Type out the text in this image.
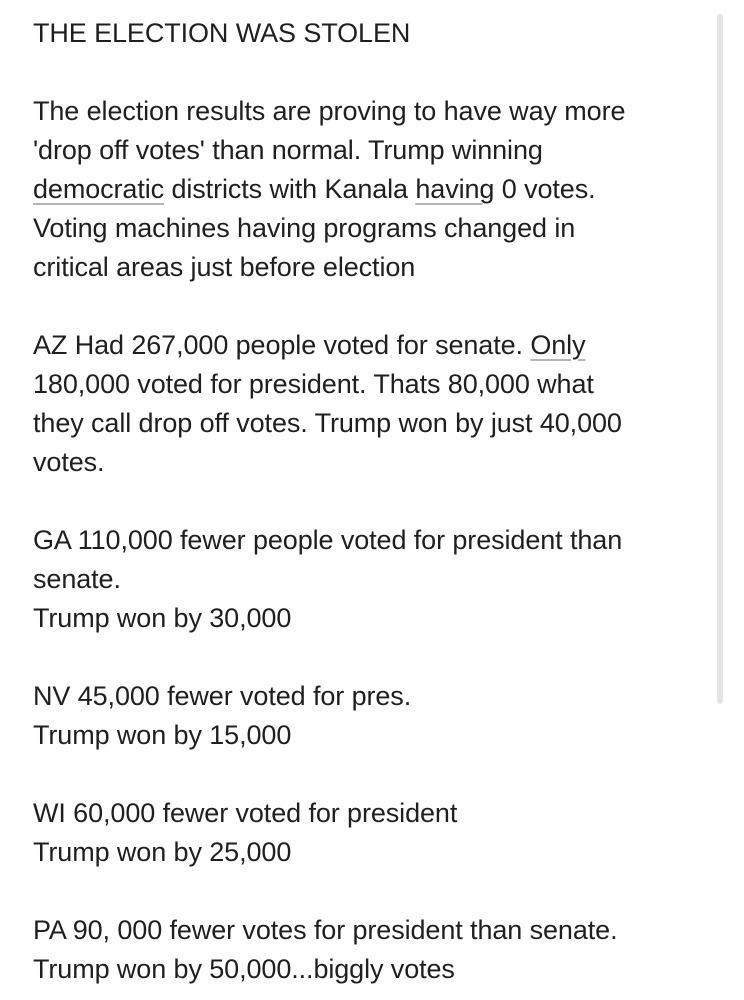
THE ELECTION WAS STOLEN
The election results are proving to have way more
'drop off votes' than normal. Trump winning
democratic districts with Kanala having 0 votes.
Voting machines having programs changed in
critical areas just before election
AZ Had 267,000 people voted for senate. Only
180,000 voted for president. Thats 80,000 what
they call drop off votes. Trump won by just 40,000
votes.
GA 110,000 fewer people voted for president than
senate.
Trump won by 30,000
NV 45,000 fewer voted for pres.
Trump won by 15,000
WI 60,000 fewer voted for president
Trump won by 25,000
PA 90, 000 fewer votes for president than senate.
Trump won by 50,000...biggly votes
